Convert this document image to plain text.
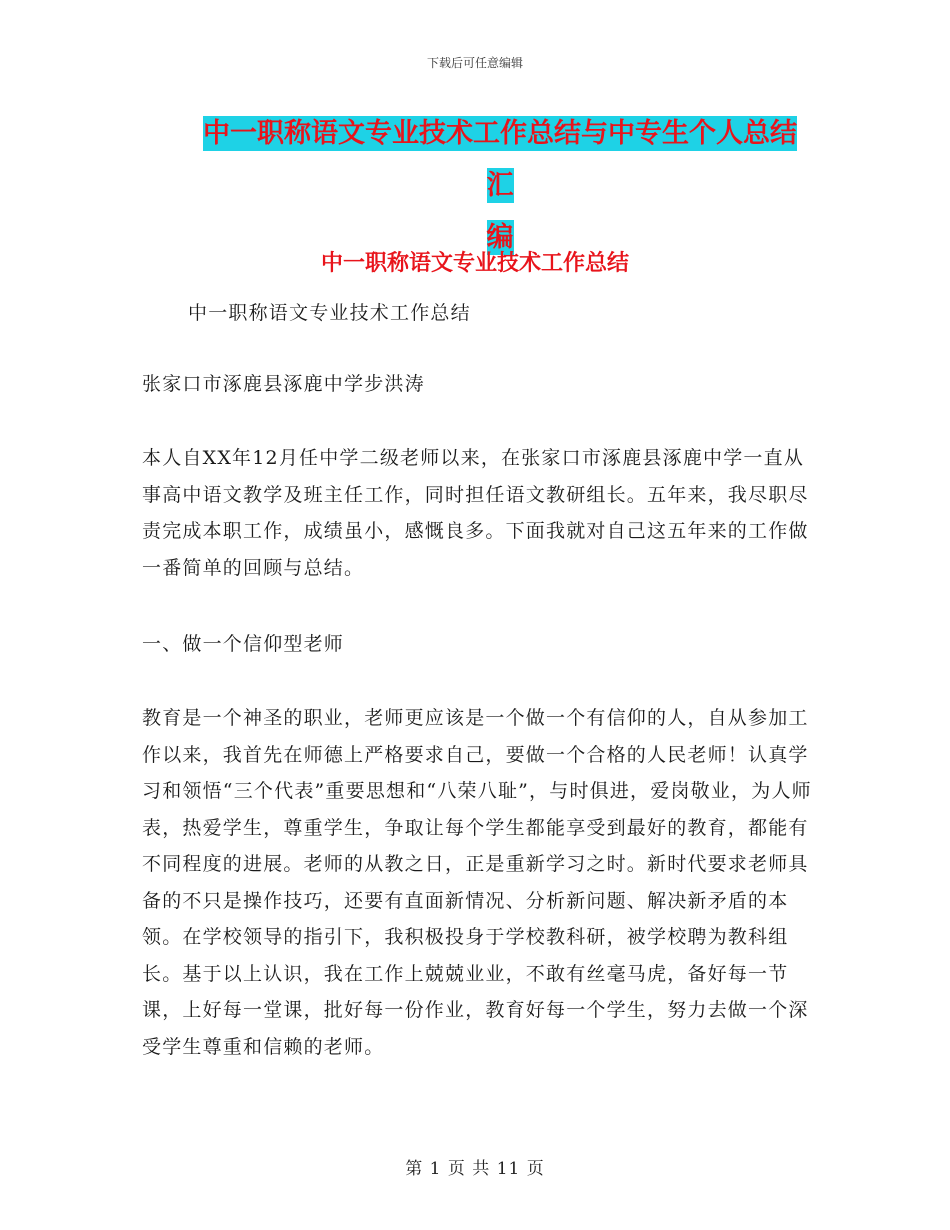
下载后可任意编辑
中一职称语文专业技术工作总结与中专生个人总结汇
编
中一职称语文专业技术工作总结
中一职称语文专业技术工作总结
张家口市涿鹿县涿鹿中学步洪涛
本人自XX年12月任中学二级老师以来，在张家口市涿鹿县涿鹿中学一直从事高中语文教学及班主任工作，同时担任语文教研组长。五年来，我尽职尽责完成本职工作，成绩虽小，感慨良多。下面我就对自己这五年来的工作做一番简单的回顾与总结。
一、做一个信仰型老师
教育是一个神圣的职业，老师更应该是一个做一个有信仰的人，自从参加工作以来，我首先在师德上严格要求自己，要做一个合格的人民老师！认真学习和领悟“三个代表”重要思想和“八荣八耻”，与时俱进，爱岗敬业，为人师表，热爱学生，尊重学生，争取让每个学生都能享受到最好的教育，都能有不同程度的进展。老师的从教之日，正是重新学习之时。新时代要求老师具备的不只是操作技巧，还要有直面新情况、分析新问题、解决新矛盾的本领。在学校领导的指引下，我积极投身于学校教科研，被学校聘为教科组长。基于以上认识，我在工作上兢兢业业，不敢有丝毫马虎，备好每一节课，上好每一堂课，批好每一份作业，教育好每一个学生，努力去做一个深受学生尊重和信赖的老师。
第 1 页 共 11 页
